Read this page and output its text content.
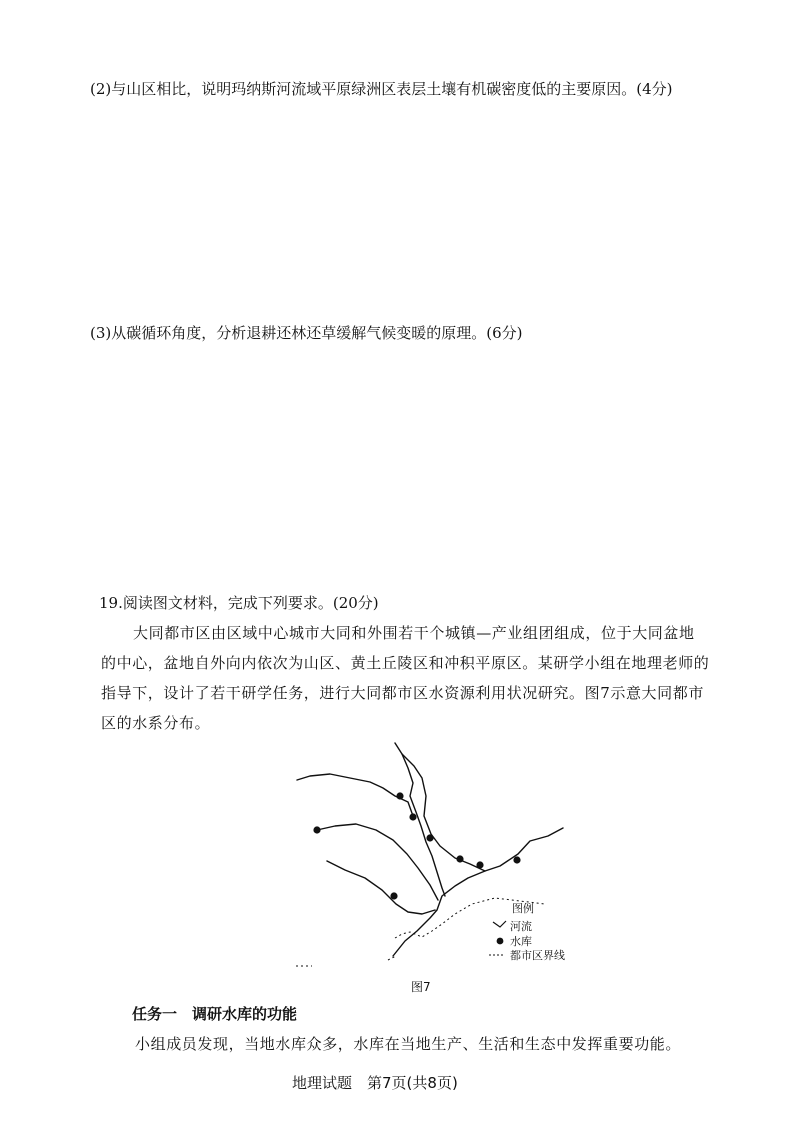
(2)与山区相比，说明玛纳斯河流域平原绿洲区表层土壤有机碳密度低的主要原因。(4分)
(3)从碳循环角度，分析退耕还林还草缓解气候变暖的原理。(6分)
19.阅读图文材料，完成下列要求。(20分)
大同都市区由区域中心城市大同和外围若干个城镇—产业组团组成，位于大同盆地
的中心，盆地自外向内依次为山区、黄土丘陵区和冲积平原区。某研学小组在地理老师的
指导下，设计了若干研学任务，进行大同都市区水资源利用状况研究。图7示意大同都市
区的水系分布。
图例
河流
水库
都市区界线
图7
任务一　调研水库的功能
小组成员发现，当地水库众多，水库在当地生产、生活和生态中发挥重要功能。
地理试题　第7页(共8页)
